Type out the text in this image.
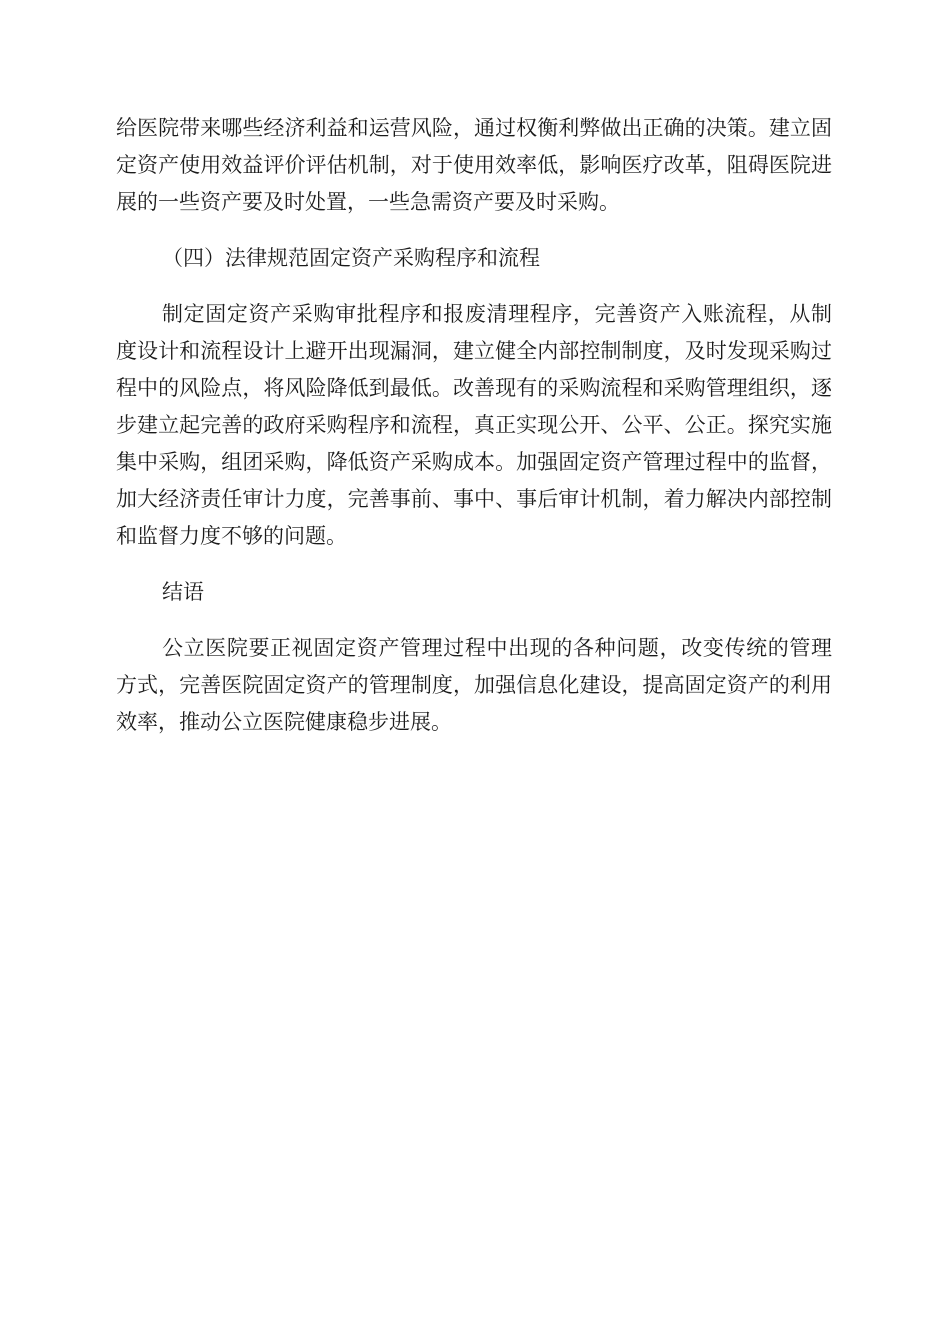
给医院带来哪些经济利益和运营风险，通过权衡利弊做出正确的决策。建立固定资产使用效益评价评估机制，对于使用效率低，影响医疗改革，阻碍医院进展的一些资产要及时处置，一些急需资产要及时采购。

（四）法律规范固定资产采购程序和流程

制定固定资产采购审批程序和报废清理程序，完善资产入账流程，从制度设计和流程设计上避开出现漏洞，建立健全内部控制制度，及时发现采购过程中的风险点，将风险降低到最低。改善现有的采购流程和采购管理组织，逐步建立起完善的政府采购程序和流程，真正实现公开、公平、公正。探究实施集中采购，组团采购，降低资产采购成本。加强固定资产管理过程中的监督，加大经济责任审计力度，完善事前、事中、事后审计机制，着力解决内部控制和监督力度不够的问题。

结语

公立医院要正视固定资产管理过程中出现的各种问题，改变传统的管理方式，完善医院固定资产的管理制度，加强信息化建设，提高固定资产的利用效率，推动公立医院健康稳步进展。
